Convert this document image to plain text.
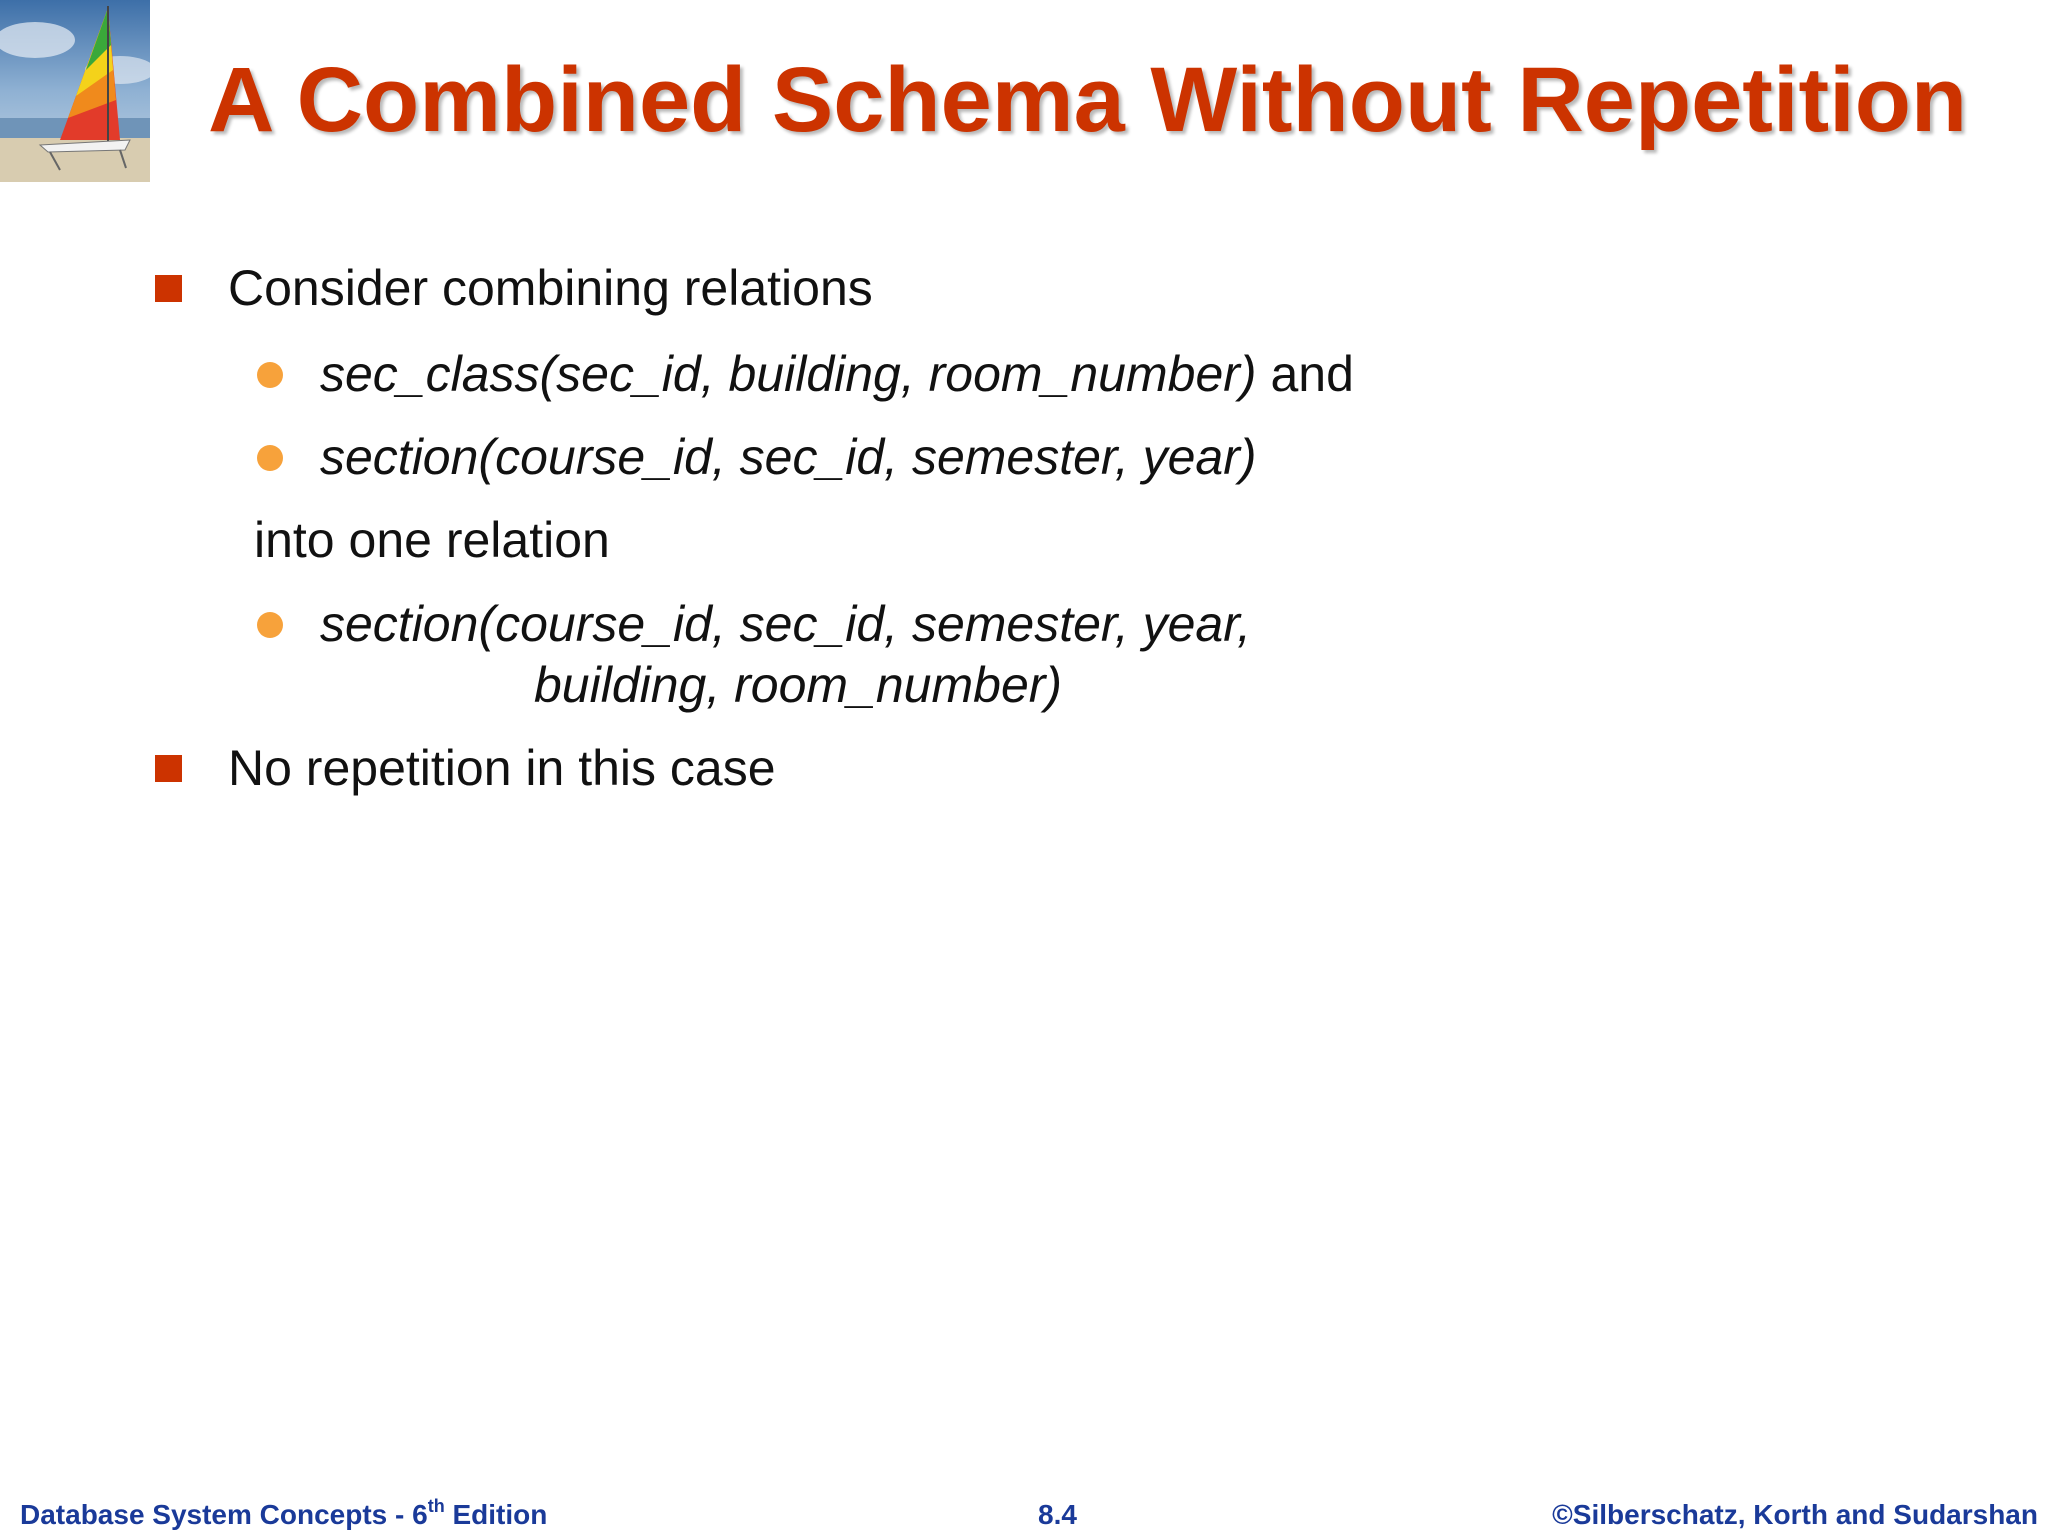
A Combined Schema Without Repetition
Consider combining relations
sec_class(sec_id, building, room_number) and
section(course_id, sec_id, semester, year)
into one relation
section(course_id, sec_id, semester, year,
building, room_number)
No repetition in this case
Database System Concepts - 6th Edition	8.4	©Silberschatz, Korth and Sudarshan
